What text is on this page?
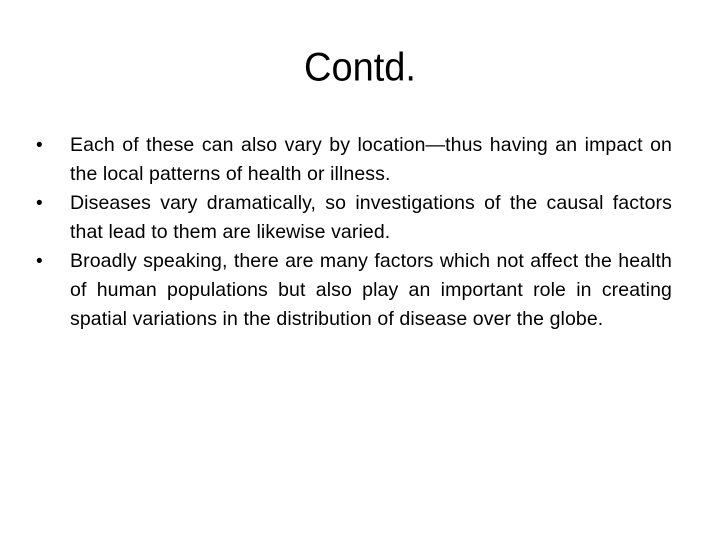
Contd.
•	Each of these can also vary by location—thus having an impact on the local patterns of health or illness.
•	Diseases vary dramatically, so investigations of the causal factors that lead to them are likewise varied.
•	Broadly speaking, there are many factors which not affect the health of human populations but also play an important role in creating spatial variations in the distribution of disease over the globe.
